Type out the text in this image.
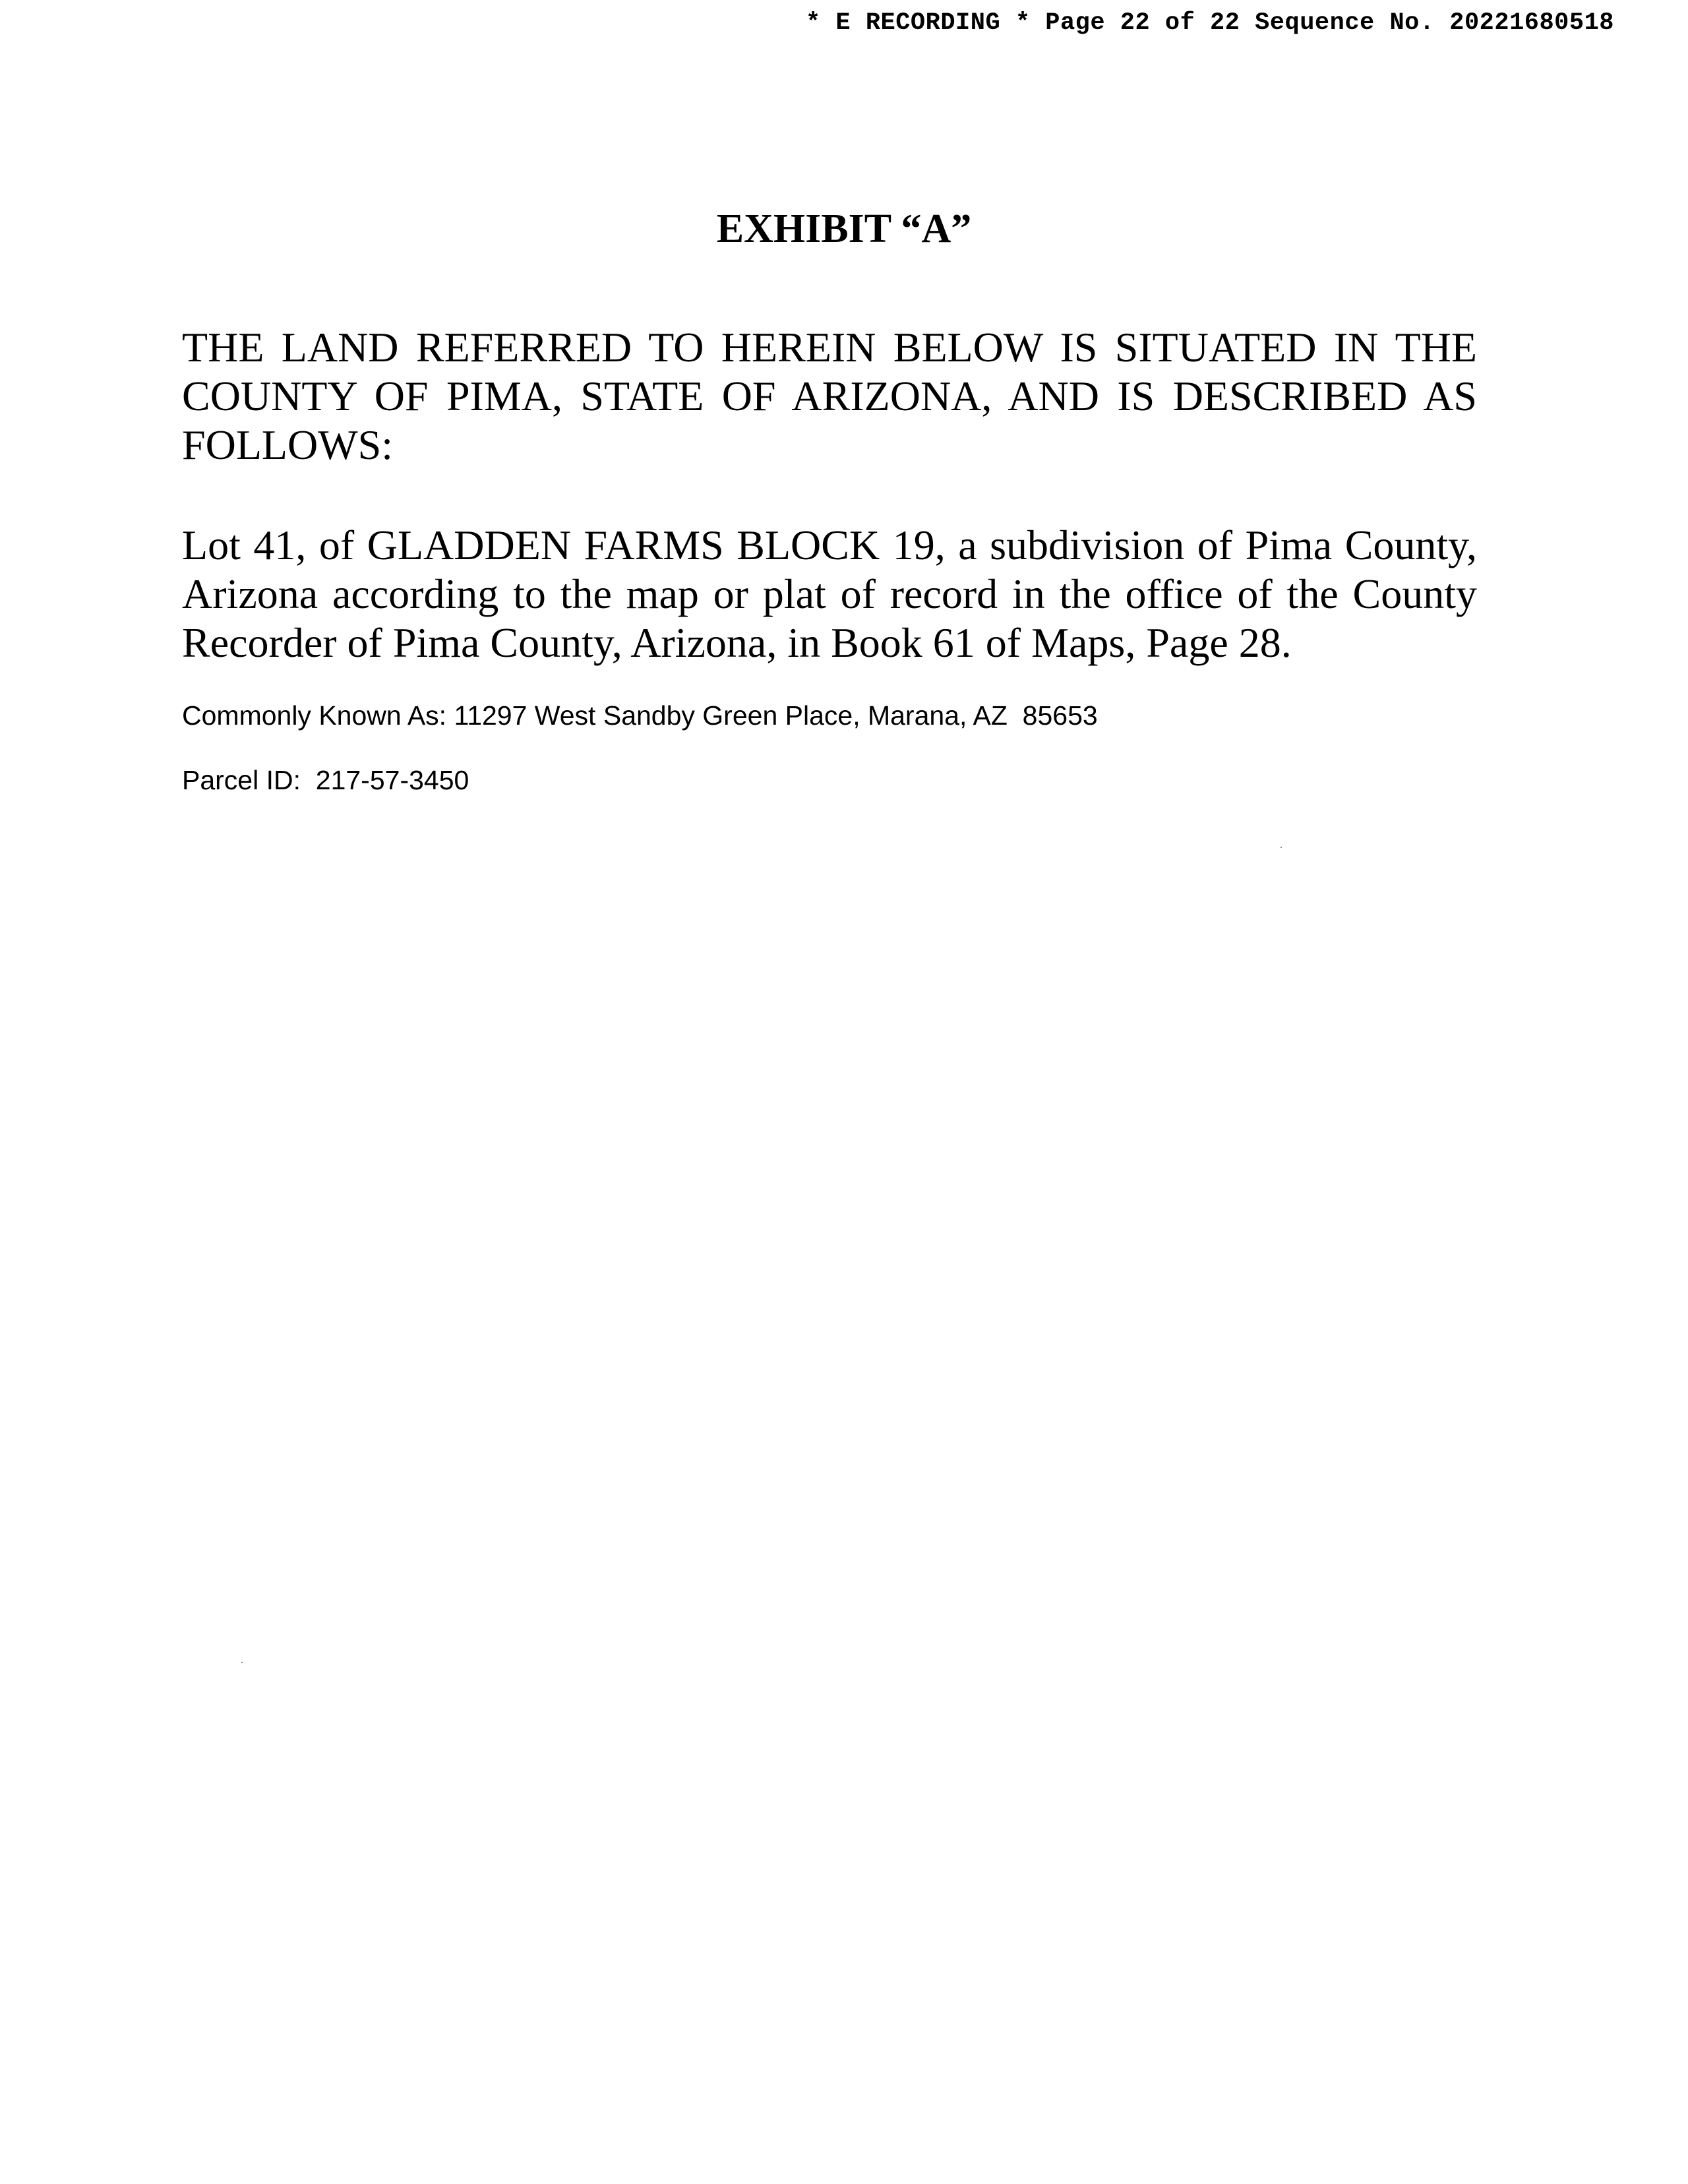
* E RECORDING * Page 22 of 22 Sequence No. 20221680518
EXHIBIT “A”
THE LAND REFERRED TO HEREIN BELOW IS SITUATED IN THE COUNTY OF PIMA, STATE OF ARIZONA, AND IS DESCRIBED AS FOLLOWS:
Lot 41, of GLADDEN FARMS BLOCK 19, a subdivision of Pima County, Arizona according to the map or plat of record in the office of the County Recorder of Pima County, Arizona, in Book 61 of Maps, Page 28.
Commonly Known As: 11297 West Sandby Green Place, Marana, AZ  85653
Parcel ID:  217-57-3450
